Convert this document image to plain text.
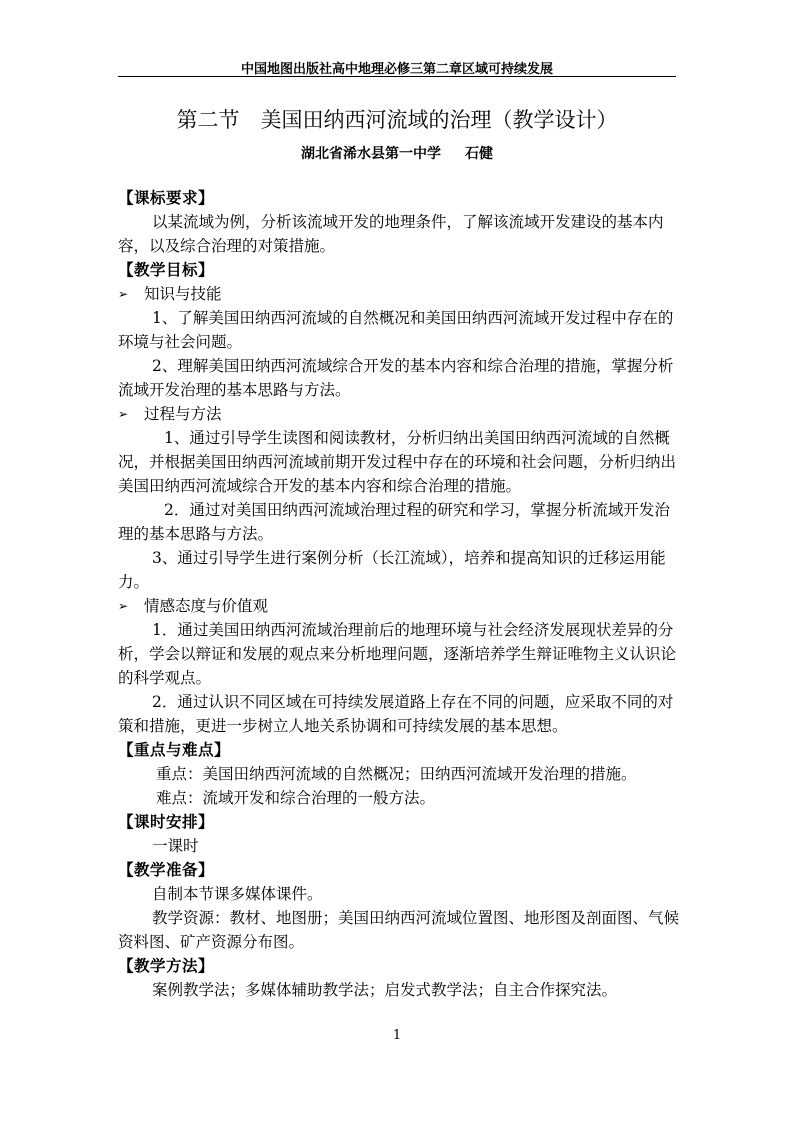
中国地图出版社高中地理必修三第二章区域可持续发展
第二节　美国田纳西河流域的治理（教学设计）
湖北省浠水县第一中学 石健

【课标要求】

以某流域为例，分析该流域开发的地理条件，了解该流域开发建设的基本内容，以及综合治理的对策措施。

【教学目标】

➢	知识与技能

1、了解美国田纳西河流域的自然概况和美国田纳西河流域开发过程中存在的环境与社会问题。

2、理解美国田纳西河流域综合开发的基本内容和综合治理的措施，掌握分析流域开发治理的基本思路与方法。

➢	过程与方法

1、通过引导学生读图和阅读教材，分析归纳出美国田纳西河流域的自然概况，并根据美国田纳西河流域前期开发过程中存在的环境和社会问题，分析归纳出美国田纳西河流域综合开发的基本内容和综合治理的措施。

2．通过对美国田纳西河流域治理过程的研究和学习，掌握分析流域开发治理的基本思路与方法。

3、通过引导学生进行案例分析（长江流域），培养和提高知识的迁移运用能力。

➢	情感态度与价值观

1．通过美国田纳西河流域治理前后的地理环境与社会经济发展现状差异的分析，学会以辩证和发展的观点来分析地理问题，逐渐培养学生辩证唯物主义认识论的科学观点。

2．通过认识不同区域在可持续发展道路上存在不同的问题，应采取不同的对策和措施，更进一步树立人地关系协调和可持续发展的基本思想。

【重点与难点】

重点：美国田纳西河流域的自然概况；田纳西河流域开发治理的措施。

难点：流域开发和综合治理的一般方法。

【课时安排】

一课时

【教学准备】

自制本节课多媒体课件。

教学资源：教材、地图册；美国田纳西河流域位置图、地形图及剖面图、气候资料图、矿产资源分布图。

【教学方法】

案例教学法；多媒体辅助教学法；启发式教学法；自主合作探究法。

1
